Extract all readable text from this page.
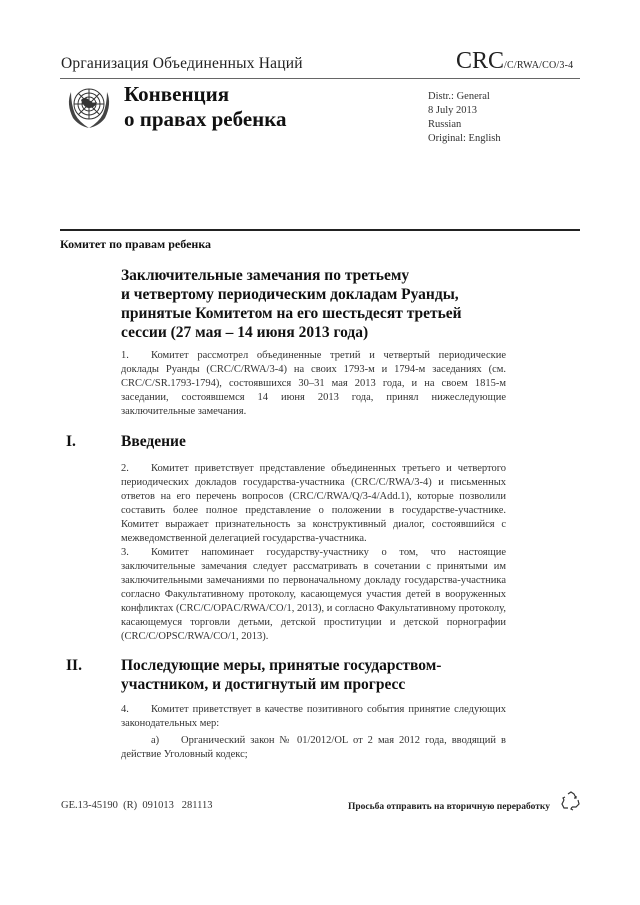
Организация Объединенных Наций	CRC/C/RWA/CO/3-4
Конвенция
о правах ребенка
Distr.: General
8 July 2013
Russian
Original: English
Комитет по правам ребенка
Заключительные замечания по третьему
и четвертому периодическим докладам Руанды,
принятые Комитетом на его шестьдесят третьей
сессии (27 мая – 14 июня 2013 года)
1. Комитет рассмотрел объединенные третий и четвертый периодические доклады Руанды (CRC/C/RWA/3-4) на своих 1793-м и 1794-м заседаниях (см. CRC/C/SR.1793-1794), состоявшихся 30–31 мая 2013 года, и на своем 1815-м заседании, состоявшемся 14 июня 2013 года, принял нижеследующие заключительные замечания.
I.	Введение
2. Комитет приветствует представление объединенных третьего и четвертого периодических докладов государства-участника (CRC/C/RWA/3-4) и письменных ответов на его перечень вопросов (CRC/C/RWA/Q/3-4/Add.1), которые позволили составить более полное представление о положении в государстве-участнике. Комитет выражает признательность за конструктивный диалог, состоявшийся с межведомственной делегацией государства-участника.
3. Комитет напоминает государству-участнику о том, что настоящие заключительные замечания следует рассматривать в сочетании с принятыми им заключительными замечаниями по первоначальному докладу государства-участника согласно Факультативному протоколу, касающемуся участия детей в вооруженных конфликтах (CRC/C/OPAC/RWA/CO/1, 2013), и согласно Факультативному протоколу, касающемуся торговли детьми, детской проституции и детской порнографии (CRC/C/OPSC/RWA/CO/1, 2013).
II.	Последующие меры, принятые государством-участником, и достигнутый им прогресс
4. Комитет приветствует в качестве позитивного события принятие следующих законодательных мер:
a) Органический закон № 01/2012/OL от 2 мая 2012 года, вводящий в действие Уголовный кодекс;
GE.13-45190  (R)  091013   281113	Просьба отправить на вторичную переработку
